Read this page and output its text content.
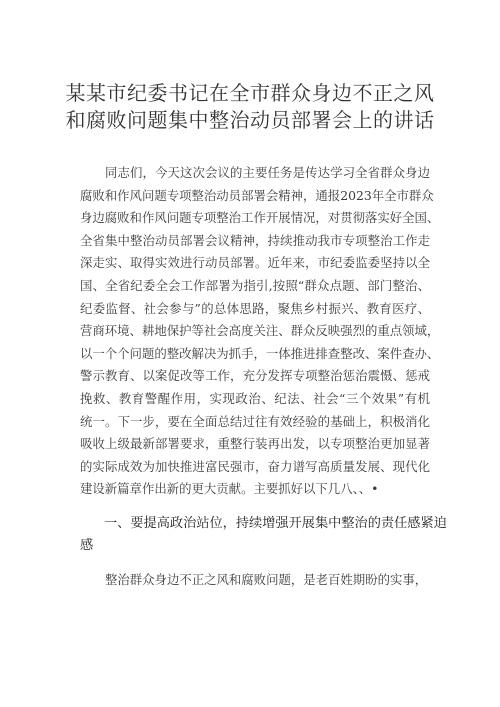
某某市纪委书记在全市群众身边不正之风
和腐败问题集中整治动员部署会上的讲话
同志们，今天这次会议的主要任务是传达学习全省群众身边
腐败和作风问题专项整治动员部署会精神，通报2023年全市群众
身边腐败和作风问题专项整治工作开展情况，对贯彻落实好全国、
全省集中整治动员部署会议精神，持续推动我市专项整治工作走
深走实、取得实效进行动员部署。近年来，市纪委监委坚持以全
国、全省纪委全会工作部署为指引,按照“群众点题、部门整治、
纪委监督、社会参与”的总体思路，聚焦乡村振兴、教育医疗、
营商环境、耕地保护等社会高度关注、群众反映强烈的重点领域，
以一个个问题的整改解决为抓手，一体推进排查整改、案件查办、
警示教育、以案促改等工作，充分发挥专项整治惩治震慑、惩戒
挽救、教育警醒作用，实现政治、纪法、社会“三个效果”有机
统一。下一步，要在全面总结过往有效经验的基础上，积极消化
吸收上级最新部署要求，重整行装再出发，以专项整治更加显著
的实际成效为加快推进富民强市，奋力谱写高质量发展、现代化
建设新篇章作出新的更大贡献。主要抓好以下几八、、•
一、要提高政治站位，持续增强开展集中整治的责任感紧迫
感
整治群众身边不正之风和腐败问题，是老百姓期盼的实事，
